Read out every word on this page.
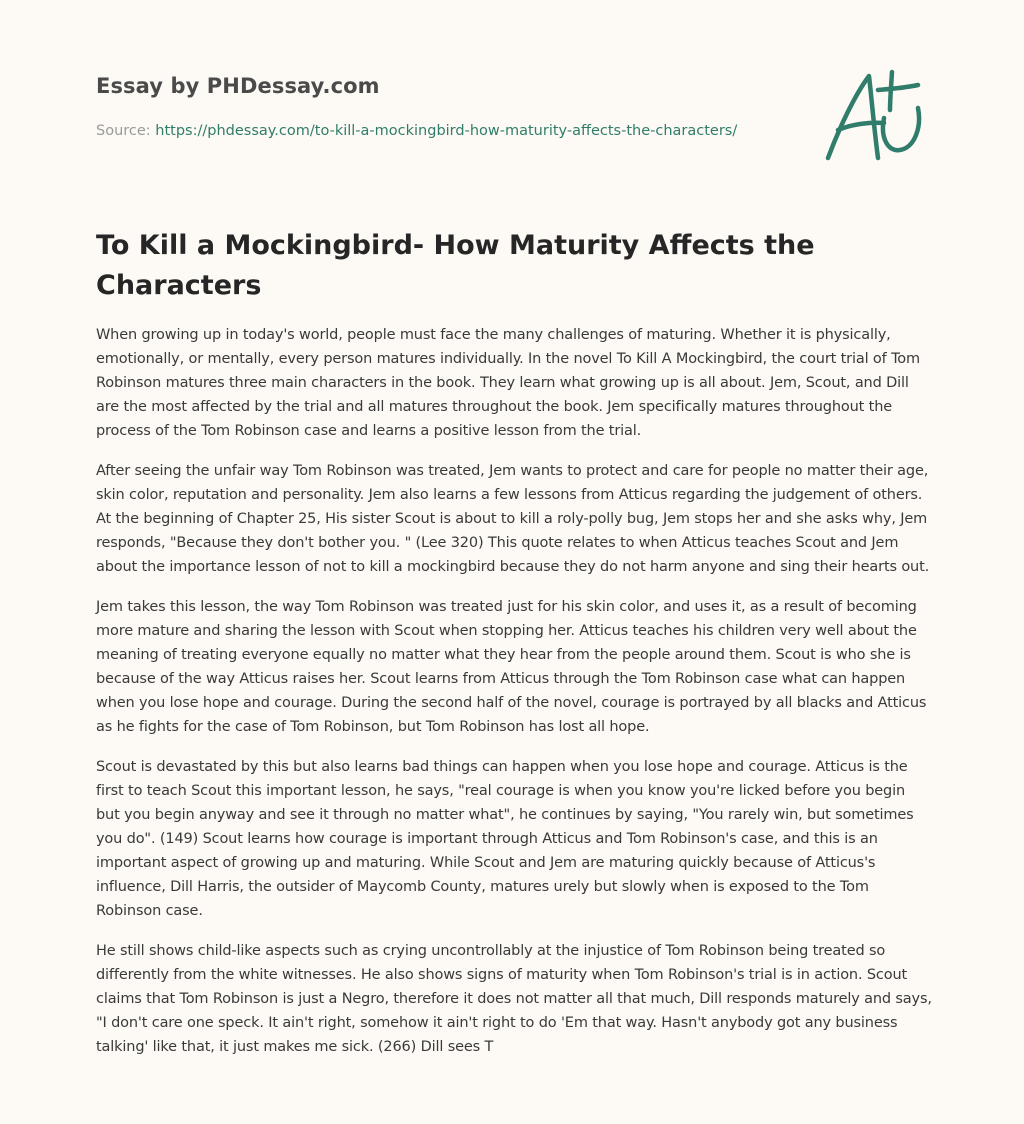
Essay by PHDessay.com
Source: https://phdessay.com/to-kill-a-mockingbird-how-maturity-affects-the-characters/
To Kill a Mockingbird- How Maturity Affects the Characters

When growing up in today's world, people must face the many challenges of maturing. Whether it is physically, emotionally, or mentally, every person matures individually. In the novel To Kill A Mockingbird, the court trial of Tom Robinson matures three main characters in the book. They learn what growing up is all about. Jem, Scout, and Dill are the most affected by the trial and all matures throughout the book. Jem specifically matures throughout the process of the Tom Robinson case and learns a positive lesson from the trial.

After seeing the unfair way Tom Robinson was treated, Jem wants to protect and care for people no matter their age, skin color, reputation and personality. Jem also learns a few lessons from Atticus regarding the judgement of others. At the beginning of Chapter 25, His sister Scout is about to kill a roly-polly bug, Jem stops her and she asks why, Jem responds, "Because they don't bother you. " (Lee 320) This quote relates to when Atticus teaches Scout and Jem about the importance lesson of not to kill a mockingbird because they do not harm anyone and sing their hearts out.

Jem takes this lesson, the way Tom Robinson was treated just for his skin color, and uses it, as a result of becoming more mature and sharing the lesson with Scout when stopping her. Atticus teaches his children very well about the meaning of treating everyone equally no matter what they hear from the people around them. Scout is who she is because of the way Atticus raises her. Scout learns from Atticus through the Tom Robinson case what can happen when you lose hope and courage. During the second half of the novel, courage is portrayed by all blacks and Atticus as he fights for the case of Tom Robinson, but Tom Robinson has lost all hope.

Scout is devastated by this but also learns bad things can happen when you lose hope and courage. Atticus is the first to teach Scout this important lesson, he says, "real courage is when you know you're licked before you begin but you begin anyway and see it through no matter what", he continues by saying, "You rarely win, but sometimes you do". (149) Scout learns how courage is important through Atticus and Tom Robinson's case, and this is an important aspect of growing up and maturing. While Scout and Jem are maturing quickly because of Atticus's influence, Dill Harris, the outsider of Maycomb County, matures urely but slowly when is exposed to the Tom Robinson case.

He still shows child-like aspects such as crying uncontrollably at the injustice of Tom Robinson being treated so differently from the white witnesses. He also shows signs of maturity when Tom Robinson's trial is in action. Scout claims that Tom Robinson is just a Negro, therefore it does not matter all that much, Dill responds maturely and says, "I don't care one speck. It ain't right, somehow it ain't right to do 'Em that way. Hasn't anybody got any business talking' like that, it just makes me sick. (266) Dill sees T
